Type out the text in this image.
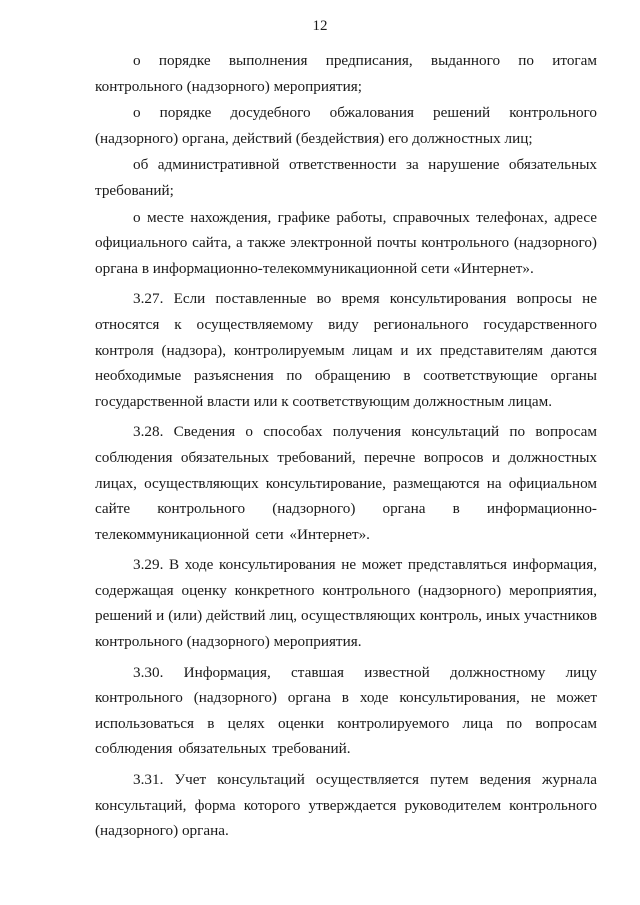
12

о порядке выполнения предписания, выданного по итогам контрольного (надзорного) мероприятия;

о порядке досудебного обжалования решений контрольного (надзорного) органа, действий (бездействия) его должностных лиц;

об административной ответственности за нарушение обязательных требований;

о месте нахождения, графике работы, справочных телефонах, адресе официального сайта, а также электронной почты контрольного (надзорного) органа в информационно-телекоммуникационной сети «Интернет».

3.27. Если поставленные во время консультирования вопросы не относятся к осуществляемому виду регионального государственного контроля (надзора), контролируемым лицам и их представителям даются необходимые разъяснения по обращению в соответствующие органы государственной власти или к соответствующим должностным лицам.

3.28. Сведения о способах получения консультаций по вопросам соблюдения обязательных требований, перечне вопросов и должностных лицах, осуществляющих консультирование, размещаются на официальном сайте контрольного (надзорного) органа в информационно-телекоммуникационной сети «Интернет».

3.29. В ходе консультирования не может представляться информация, содержащая оценку конкретного контрольного (надзорного) мероприятия, решений и (или) действий лиц, осуществляющих контроль, иных участников контрольного (надзорного) мероприятия.

3.30. Информация, ставшая известной должностному лицу контрольного (надзорного) органа в ходе консультирования, не может использоваться в целях оценки контролируемого лица по вопросам соблюдения обязательных требований.

3.31. Учет консультаций осуществляется путем ведения журнала консультаций, форма которого утверждается руководителем контрольного (надзорного) органа.
